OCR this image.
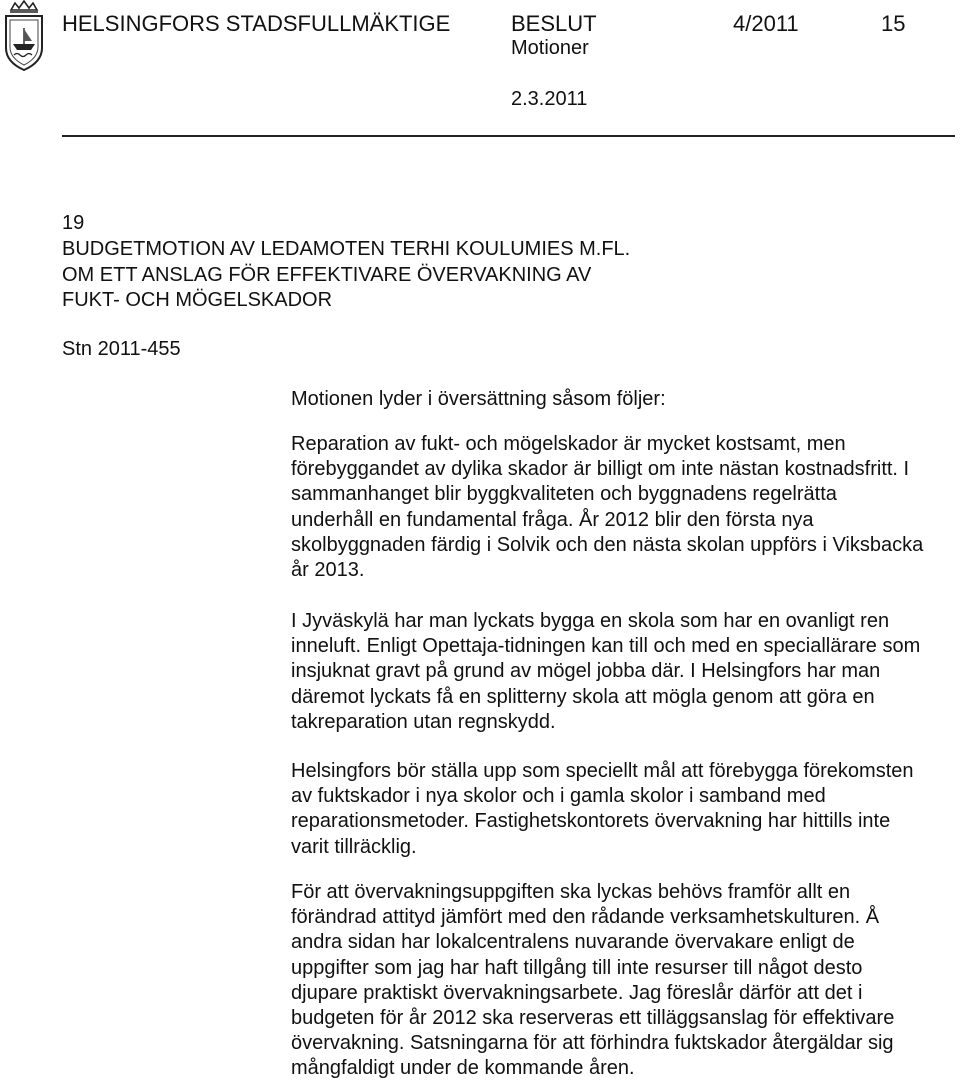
HELSINGFORS STADSFULLMÄKTIGE	BESLUT	4/2011	15
Motioner
2.3.2011
19
BUDGETMOTION AV LEDAMOTEN TERHI KOULUMIES M.FL.
OM ETT ANSLAG FÖR EFFEKTIVARE ÖVERVAKNING AV
FUKT- OCH MÖGELSKADOR
Stn 2011-455
Motionen lyder i översättning såsom följer:
Reparation av fukt- och mögelskador är mycket kostsamt, men
förebyggandet av dylika skador är billigt om inte nästan kostnadsfritt. I
sammanhanget blir byggkvaliteten och byggnadens regelrätta
underhåll en fundamental fråga. År 2012 blir den första nya
skolbyggnaden färdig i Solvik och den nästa skolan uppförs i Viksbacka
år 2013.
I Jyväskylä har man lyckats bygga en skola som har en ovanligt ren
inneluft. Enligt Opettaja-tidningen kan till och med en speciallärare som
insjuknat gravt på grund av mögel jobba där. I Helsingfors har man
däremot lyckats få en splitterny skola att mögla genom att göra en
takreparation utan regnskydd.
Helsingfors bör ställa upp som speciellt mål att förebygga förekomsten
av fuktskador i nya skolor och i gamla skolor i samband med
reparationsmetoder. Fastighetskontorets övervakning har hittills inte
varit tillräcklig.
För att övervakningsuppgiften ska lyckas behövs framför allt en
förändrad attityd jämfört med den rådande verksamhetskulturen. Å
andra sidan har lokalcentralens nuvarande övervakare enligt de
uppgifter som jag har haft tillgång till inte resurser till något desto
djupare praktiskt övervakningsarbete. Jag föreslår därför att det i
budgeten för år 2012 ska reserveras ett tilläggsanslag för effektivare
övervakning. Satsningarna för att förhindra fuktskador återgäldar sig
mångfaldigt under de kommande åren.
